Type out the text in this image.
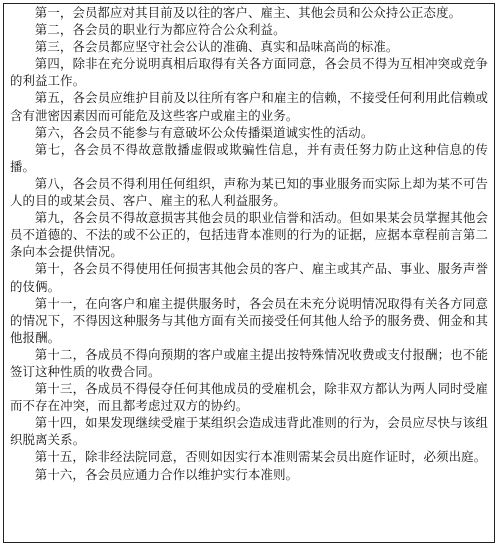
第一，会员都应对其目前及以往的客户、雇主、其他会员和公众持公正态度。
第二，各会员的职业行为都应符合公众利益。
第三，各会员都应坚守社会公认的准确、真实和品味高尚的标准。
第四，除非在充分说明真相后取得有关各方面同意，各会员不得为互相冲突或竞争的利益工作。
第五，各会员应维护目前及以往所有客户和雇主的信赖，不接受任何利用此信赖或含有泄密因素因而可能危及这些客户或雇主的业务。
第六，各会员不能参与有意破坏公众传播渠道诚实性的活动。
第七，各会员不得故意散播虚假或欺骗性信息，并有责任努力防止这种信息的传播。
第八，各会员不得利用任何组织，声称为某已知的事业服务而实际上却为某不可告人的目的或某会员、客户、雇主的私人利益服务。
第九，各会员不得故意损害其他会员的职业信誉和活动。但如果某会员掌握其他会员不道德的、不法的或不公正的，包括违背本准则的行为的证据，应据本章程前言第二条向本会提供情况。
第十，各会员不得使用任何损害其他会员的客户、雇主或其产品、事业、服务声誉的伎俩。
第十一，在向客户和雇主提供服务时，各会员在未充分说明情况取得有关各方同意的情况下，不得因这种服务与其他方面有关而接受任何其他人给予的服务费、佣金和其他报酬。
第十二，各成员不得向预期的客户或雇主提出按特殊情况收费或支付报酬；也不能签订这种性质的收费合同。
第十三，各成员不得侵夺任何其他成员的受雇机会，除非双方都认为两人同时受雇而不存在冲突，而且都考虑过双方的协约。
第十四，如果发现继续受雇于某组织会造成违背此准则的行为，会员应尽快与该组织脱离关系。
第十五，除非经法院同意，否则如因实行本准则需某会员出庭作证时，必须出庭。
第十六，各会员应通力合作以维护实行本准则。
